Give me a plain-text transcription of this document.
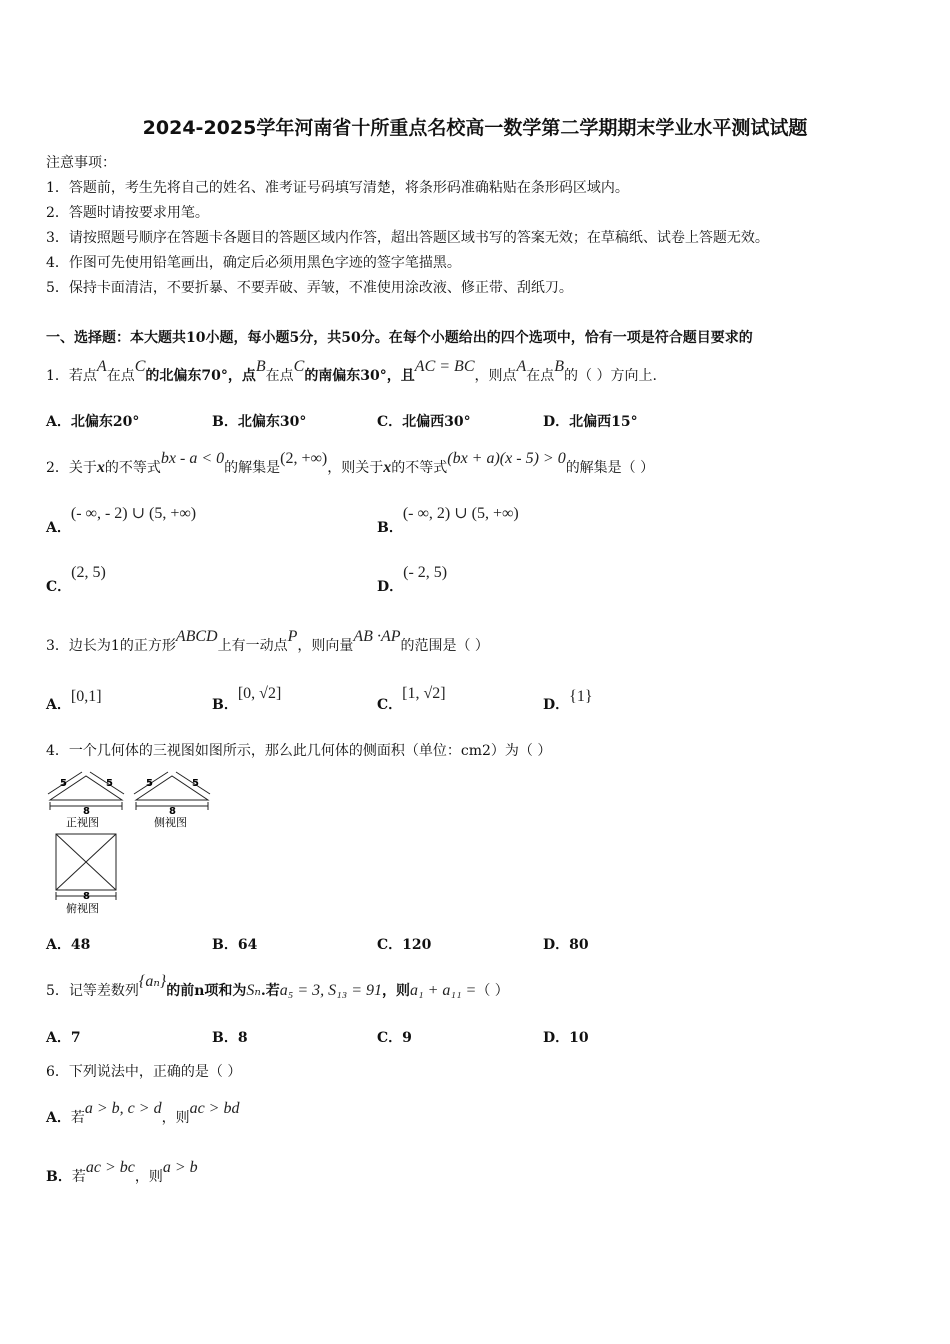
2024-2025学年河南省十所重点名校高一数学第二学期期末学业水平测试试题
注意事项：
1．答题前，考生先将自己的姓名、准考证号码填写清楚，将条形码准确粘贴在条形码区域内。
2．答题时请按要求用笔。
3．请按照题号顺序在答题卡各题目的答题区域内作答，超出答题区域书写的答案无效；在草稿纸、试卷上答题无效。
4．作图可先使用铅笔画出，确定后必须用黑色字迹的签字笔描黑。
5．保持卡面清洁，不要折暴、不要弄破、弄皱，不准使用涂改液、修正带、刮纸刀。
一、选择题：本大题共10小题，每小题5分，共50分。在每个小题给出的四个选项中，恰有一项是符合题目要求的
1．若点A在点C的北偏东70°，点B在点C的南偏东30°，且AC = BC，则点A在点B的（ ）方向上.
A．北偏东20°	B．北偏东30°	C．北偏西30°	D．北偏西15°
2．关于x的不等式bx - a < 0的解集是(2, +∞)，则关于x的不等式(bx + a)(x - 5) > 0的解集是（ ）
A．(- ∞, - 2) ∪ (5, +∞)
B．(- ∞, 2) ∪ (5, +∞)
C．(2, 5)
D．(- 2, 5)
3．边长为1的正方形ABCD上有一动点P，则向量AB ·AP的范围是（ ）
A．[0,1]	B．[0, √2]
C．[1, √2]
D．{1}
4．一个几何体的三视图如图所示，那么此几何体的侧面积（单位：cm2）为（ ）
5	5
8
正视图
5	5
8
侧视图
8
俯视图
A．48	B．64	C．120	D．80
5．记等差数列{aₙ}的前n项和为Sₙ.若a₅ = 3, S₁₃ = 91，则a₁ + a₁₁ =（ ）
A．7	B．8	C．9	D．10
6．下列说法中，正确的是（ ）
A．若a > b, c > d，则ac > bd
B．若ac > bc，则a > b
